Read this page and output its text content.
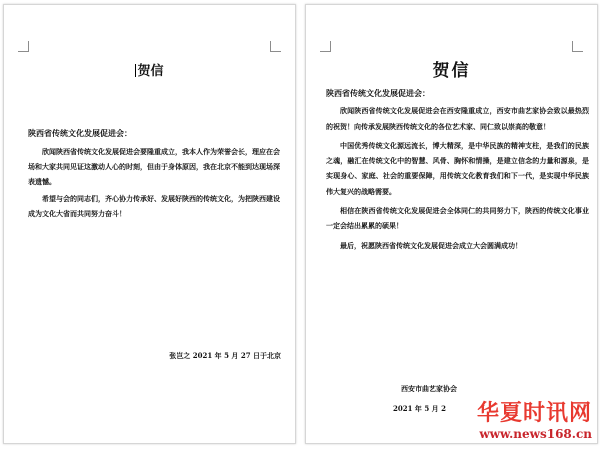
贺信
陕西省传统文化发展促进会：

欣闻陕西省传统文化发展促进会要隆重成立，我本人作为荣誉会长，理应在会场和大家共同见证这激动人心的时刻，但由于身体原因，我在北京不能到达现场深表遗憾。

希望与会的同志们，齐心协力传承好、发展好陕西的传统文化，为把陕西建设成为文化大省而共同努力奋斗！

张岂之 2021 年 5 月 27 日于北京
贺信
陕西省传统文化发展促进会：

欣闻陕西省传统文化发展促进会在西安隆重成立，西安市曲艺家协会致以最热烈的祝贺！向传承发展陕西传统文化的各位艺术家、同仁致以崇高的敬意！

中国优秀传统文化源远流长，博大精深，是中华民族的精神支柱，是我们的民族之魂，融汇在传统文化中的智慧、风骨、胸怀和情操，是建立信念的力量和源泉，是实现身心、家庭、社会的重要保障，用传统文化教育我们和下一代，是实现中华民族伟大复兴的战略需要。

相信在陕西省传统文化发展促进会全体同仁的共同努力下，陕西的传统文化事业一定会结出累累的硕果！

最后，祝愿陕西省传统文化发展促进会成立大会圆满成功！

西安市曲艺家协会
2021 年 5 月 2 华夏时讯网
www.news168.cn
